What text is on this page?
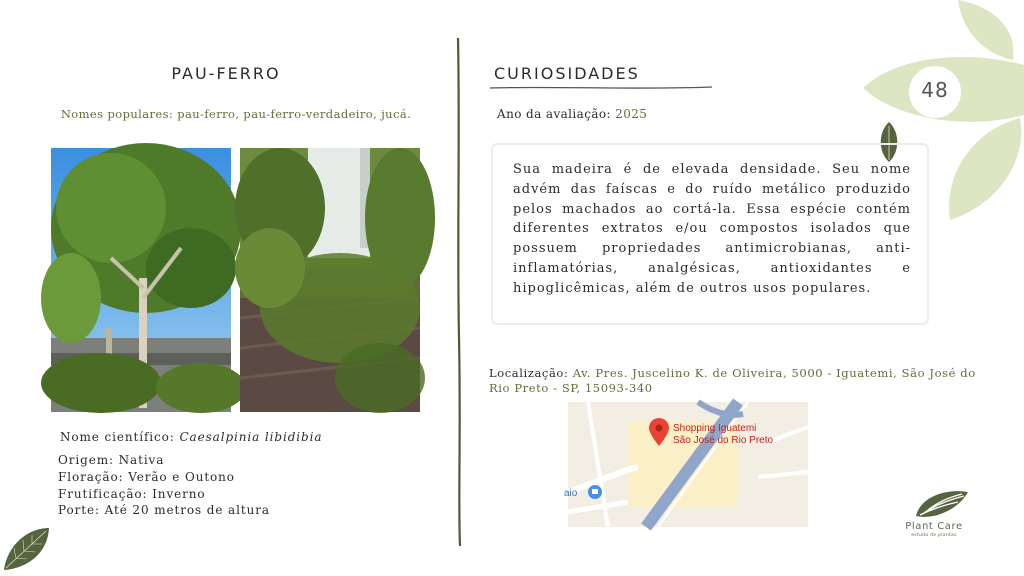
48
PAU-FERRO
Nomes populares: pau-ferro, pau-ferro-verdadeiro, jucá.
Nome científico: Caesalpinia libidibia
Origem: Nativa
Floração: Verão e Outono
Frutificação: Inverno
Porte: Até 20 metros de altura
CURIOSIDADES
Ano da avaliação: 2025

Sua madeira é de elevada densidade. Seu nome advém das faíscas e do ruído metálico produzido pelos machados ao cortá-la. Essa espécie contém diferentes extratos e/ou compostos isolados que possuem propriedades antimicrobianas, anti-inflamatórias, analgésicas, antioxidantes e hipoglicêmicas, além de outros usos populares.

Localização: Av. Pres. Juscelino K. de Oliveira, 5000 - Iguatemi, São José do Rio Preto - SP, 15093-340
Shopping Iguatemi
São José do Rio Preto
aio
Plant Care
estudo de plantas
